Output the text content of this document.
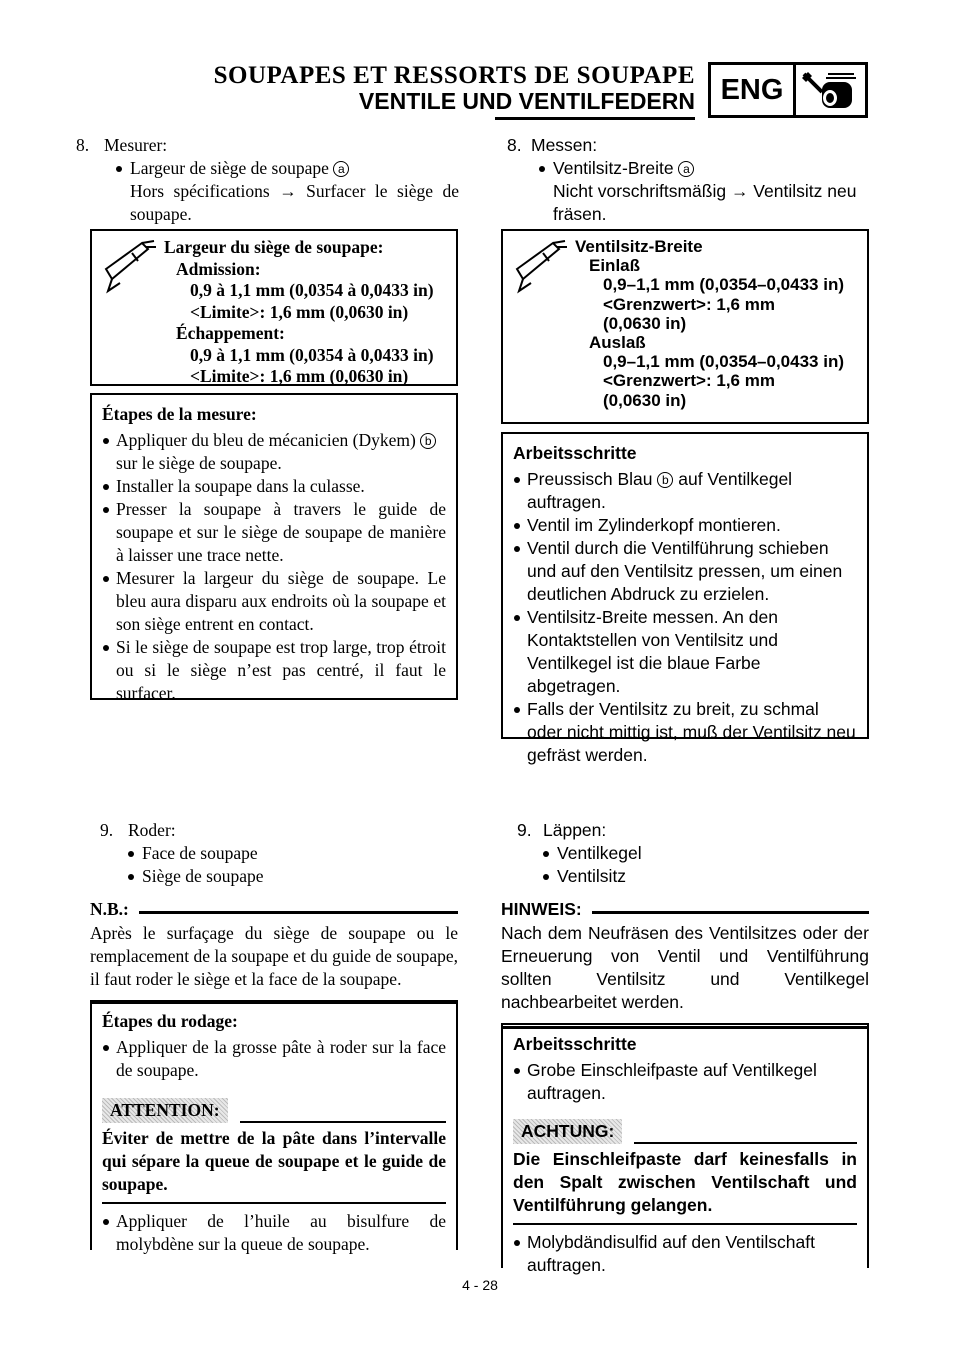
SOUPAPES ET RESSORTS DE SOUPAPE
VENTILE UND VENTILFEDERN ENG
8. Mesurer:
Largeur de siège de soupape a
Hors spécifications → Surfacer le siège de soupape.
Largeur du siège de soupape:
Admission:
0,9 à 1,1 mm (0,0354 à 0,0433 in)
<Limite>: 1,6 mm (0,0630 in)
Échappement:
0,9 à 1,1 mm (0,0354 à 0,0433 in)
<Limite>: 1,6 mm (0,0630 in)
Étapes de la mesure:
Appliquer du bleu de mécanicien (Dykem) b sur le siège de soupape.
Installer la soupape dans la culasse.
Presser la soupape à travers le guide de soupape et sur le siège de soupape de manière à laisser une trace nette.
Mesurer la largeur du siège de soupape. Le bleu aura disparu aux endroits où la soupape et son siège entrent en contact.
Si le siège de soupape est trop large, trop étroit ou si le siège n’est pas centré, il faut le surfacer.
9. Roder:
Face de soupape
Siège de soupape
N.B.:
Après le surfaçage du siège de soupape ou le remplacement de la soupape et du guide de soupape, il faut roder le siège et la face de la soupape.
Étapes du rodage:
Appliquer de la grosse pâte à roder sur la face de soupape.
ATTENTION:
Éviter de mettre de la pâte dans l’intervalle qui sépare la queue de soupape et le guide de soupape.
Appliquer de l’huile au bisulfure de molybdène sur la queue de soupape.
8. Messen:
Ventilsitz-Breite a
Nicht vorschriftsmäßig → Ventilsitz neu fräsen.
Ventilsitz-Breite
Einlaß
0,9–1,1 mm (0,0354–0,0433 in)
<Grenzwert>: 1,6 mm
(0,0630 in)
Auslaß
0,9–1,1 mm (0,0354–0,0433 in)
<Grenzwert>: 1,6 mm
(0,0630 in)
Arbeitsschritte
Preussisch Blau b auf Ventilkegel auftragen.
Ventil im Zylinderkopf montieren.
Ventil durch die Ventilführung schieben und auf den Ventilsitz pressen, um einen deutlichen Abdruck zu erzielen.
Ventilsitz-Breite messen. An den Kontaktstellen von Ventilsitz und Ventilkegel ist die blaue Farbe abgetragen.
Falls der Ventilsitz zu breit, zu schmal oder nicht mittig ist, muß der Ventilsitz neu gefräst werden.
9. Läppen:
Ventilkegel
Ventilsitz
HINWEIS:
Nach dem Neufräsen des Ventilsitzes oder der Erneuerung von Ventil und Ventilführung sollten Ventilsitz und Ventilkegel nachbearbeitet werden.
Arbeitsschritte
Grobe Einschleifpaste auf Ventilkegel auftragen.
ACHTUNG:
Die Einschleifpaste darf keinesfalls in den Spalt zwischen Ventilschaft und Ventilführung gelangen.
Molybdändisulfid auf den Ventilschaft auftragen.
4 - 28
